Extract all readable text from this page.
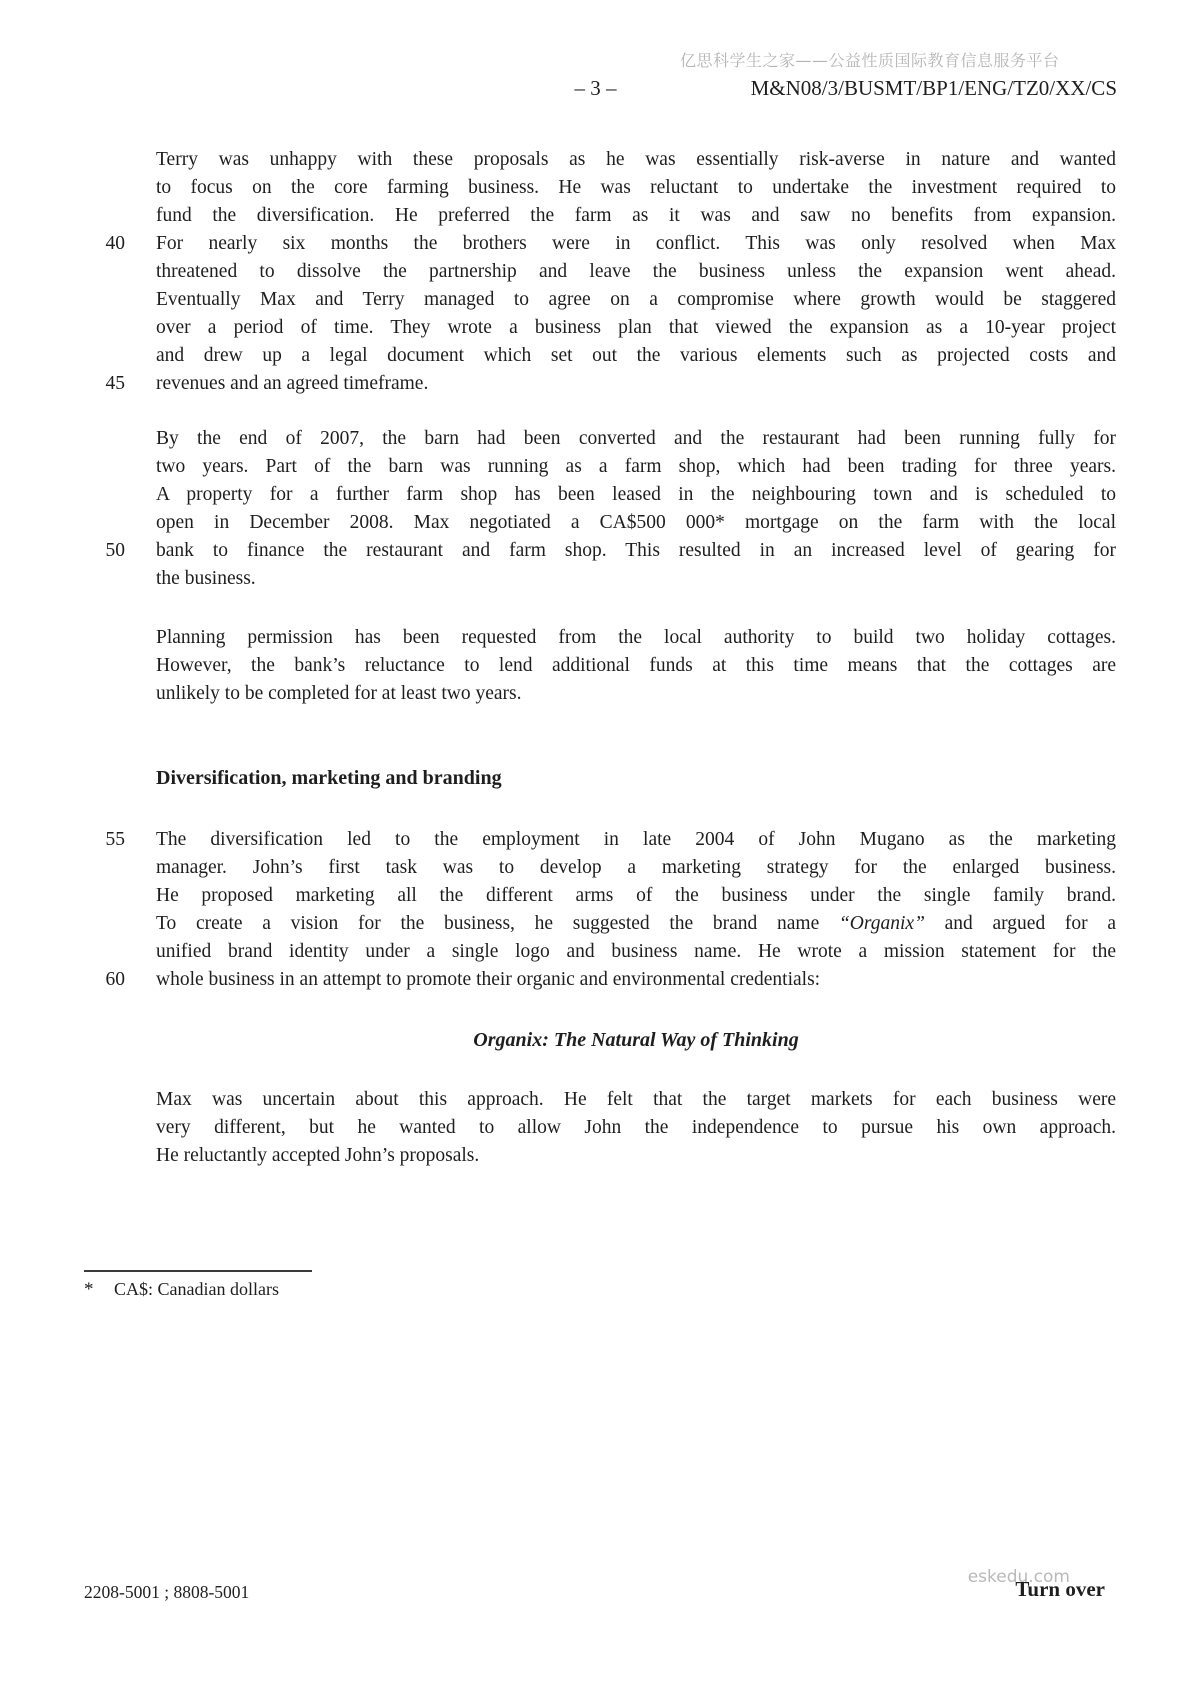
亿思科学生之家——公益性质国际教育信息服务平台
– 3 –	M&N08/3/BUSMT/BP1/ENG/TZ0/XX/CS
40
45
50
55
60
Terry was unhappy with these proposals as he was essentially risk-averse in nature and wanted
to focus on the core farming business. He was reluctant to undertake the investment required to
fund the diversification. He preferred the farm as it was and saw no benefits from expansion.
For nearly six months the brothers were in conflict. This was only resolved when Max
threatened to dissolve the partnership and leave the business unless the expansion went ahead.
Eventually Max and Terry managed to agree on a compromise where growth would be staggered
over a period of time. They wrote a business plan that viewed the expansion as a 10-year project
and drew up a legal document which set out the various elements such as projected costs and
revenues and an agreed timeframe.
By the end of 2007, the barn had been converted and the restaurant had been running fully for
two years. Part of the barn was running as a farm shop, which had been trading for three years.
A property for a further farm shop has been leased in the neighbouring town and is scheduled to
open in December 2008. Max negotiated a CA$500 000* mortgage on the farm with the local
bank to finance the restaurant and farm shop. This resulted in an increased level of gearing for
the business.
Planning permission has been requested from the local authority to build two holiday cottages.
However, the bank’s reluctance to lend additional funds at this time means that the cottages are
unlikely to be completed for at least two years.
Diversification, marketing and branding
The diversification led to the employment in late 2004 of John Mugano as the marketing
manager. John’s first task was to develop a marketing strategy for the enlarged business.
He proposed marketing all the different arms of the business under the single family brand.
To create a vision for the business, he suggested the brand name “Organix” and argued for a
unified brand identity under a single logo and business name. He wrote a mission statement for the
whole business in an attempt to promote their organic and environmental credentials:
Organix: The Natural Way of Thinking
Max was uncertain about this approach. He felt that the target markets for each business were
very different, but he wanted to allow John the independence to pursue his own approach.
He reluctantly accepted John’s proposals.
* CA$: Canadian dollars
2208-5001 ; 8808-5001
eskedu.com
Turn over
